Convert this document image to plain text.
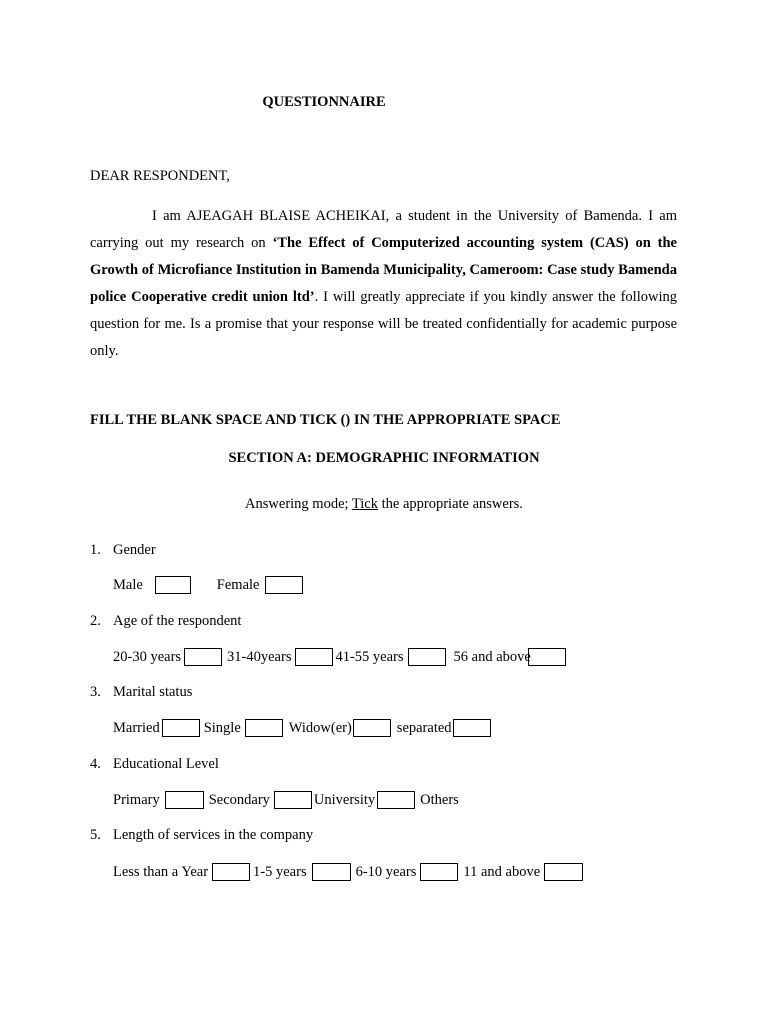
QUESTIONNAIRE
DEAR RESPONDENT,
I am AJEAGAH BLAISE ACHEIKAI, a student in the University of Bamenda. I am carrying out my research on ‘The Effect of Computerized accounting system (CAS) on the Growth of Microfiance Institution in Bamenda Municipality, Cameroom: Case study Bamenda police Cooperative credit union ltd’. I will greatly appreciate if you kindly answer the following question for me. Is a promise that your response will be treated confidentially for academic purpose only.
FILL THE BLANK SPACE AND TICK () IN THE APPROPRIATE SPACE
SECTION A: DEMOGRAPHIC INFORMATION
Answering mode; Tick the appropriate answers.
1. Gender
Male	Female
2. Age of the respondent
20-30 years	31-40years	41-55 years	56 and above
3. Marital status
Married	Single	Widow(er)	separated
4. Educational Level
Primary	Secondary	University	Others
5. Length of services in the company
Less than a Year	1-5 years	6-10 years	11 and above
